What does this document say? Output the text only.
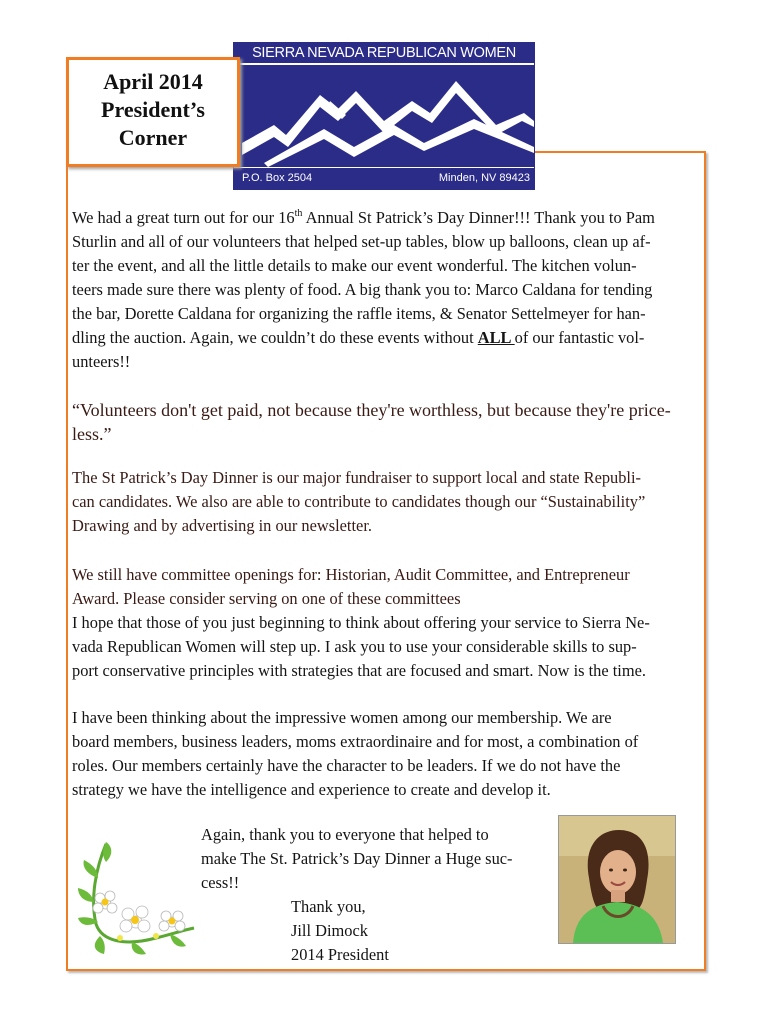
SIERRA NEVADA REPUBLICAN WOMEN
P.O. Box 2504	Minden, NV 89423
April 2014
President’s
Corner
We had a great turn out for our 16th Annual St Patrick’s Day Dinner!!! Thank you to Pam
Sturlin and all of our volunteers that helped set-up tables, blow up balloons, clean up af-
ter the event, and all the little details to make our event wonderful. The kitchen volun-
teers made sure there was plenty of food. A big thank you to: Marco Caldana for tending
the bar, Dorette Caldana for organizing the raffle items, & Senator Settelmeyer for han-
dling the auction. Again, we couldn’t do these events without ALL of our fantastic vol-
unteers!!
“Volunteers don't get paid, not because they're worthless, but because they're price-
less.”
The St Patrick’s Day Dinner is our major fundraiser to support local and state Republi-
can candidates. We also are able to contribute to candidates though our “Sustainability”
Drawing and by advertising in our newsletter.
We still have committee openings for: Historian, Audit Committee, and Entrepreneur
Award. Please consider serving on one of these committees
I hope that those of you just beginning to think about offering your service to Sierra Ne-
vada Republican Women will step up. I ask you to use your considerable skills to sup-
port conservative principles with strategies that are focused and smart. Now is the time.
I have been thinking about the impressive women among our membership. We are
board members, business leaders, moms extraordinaire and for most, a combination of
roles. Our members certainly have the character to be leaders. If we do not have the
strategy we have the intelligence and experience to create and develop it.
Again, thank you to everyone that helped to
make The St. Patrick’s Day Dinner a Huge suc-
cess!!
Thank you,
Jill Dimock
2014 President
